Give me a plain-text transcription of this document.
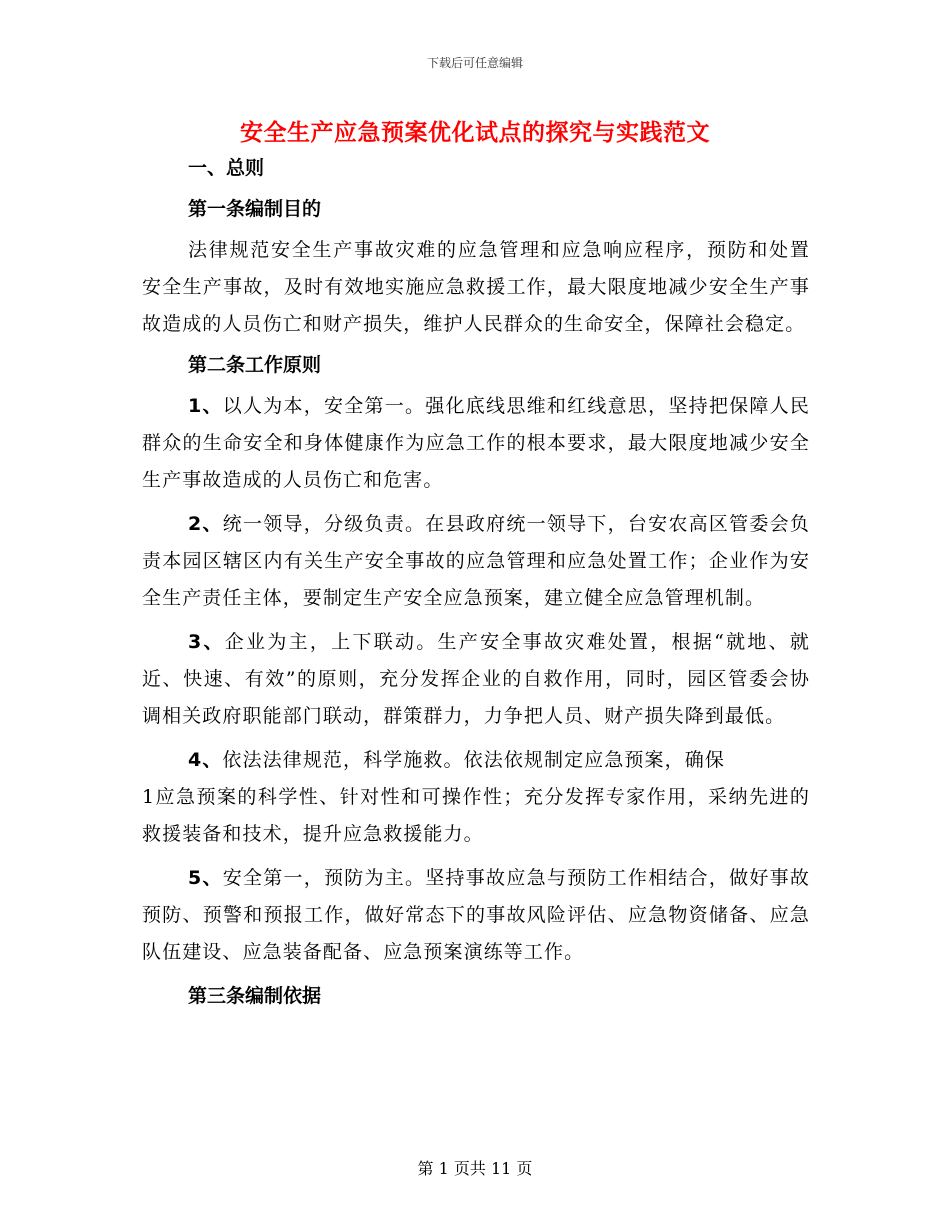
下载后可任意编辑
安全生产应急预案优化试点的探究与实践范文

一、总则

第一条编制目的

法律规范安全生产事故灾难的应急管理和应急响应程序，预防和处置安全生产事故，及时有效地实施应急救援工作，最大限度地减少安全生产事故造成的人员伤亡和财产损失，维护人民群众的生命安全，保障社会稳定。

第二条工作原则

1、以人为本，安全第一。强化底线思维和红线意思，坚持把保障人民群众的生命安全和身体健康作为应急工作的根本要求，最大限度地减少安全生产事故造成的人员伤亡和危害。

2、统一领导，分级负责。在县政府统一领导下，台安农高区管委会负责本园区辖区内有关生产安全事故的应急管理和应急处置工作；企业作为安全生产责任主体，要制定生产安全应急预案，建立健全应急管理机制。

3、企业为主，上下联动。生产安全事故灾难处置，根据“就地、就近、快速、有效”的原则，充分发挥企业的自救作用，同时，园区管委会协调相关政府职能部门联动，群策群力，力争把人员、财产损失降到最低。

4、依法法律规范，科学施救。依法依规制定应急预案，确保

1应急预案的科学性、针对性和可操作性；充分发挥专家作用，采纳先进的救援装备和技术，提升应急救援能力。

5、安全第一，预防为主。坚持事故应急与预防工作相结合，做好事故预防、预警和预报工作，做好常态下的事故风险评估、应急物资储备、应急队伍建设、应急装备配备、应急预案演练等工作。

第三条编制依据

第 1 页共 11 页
